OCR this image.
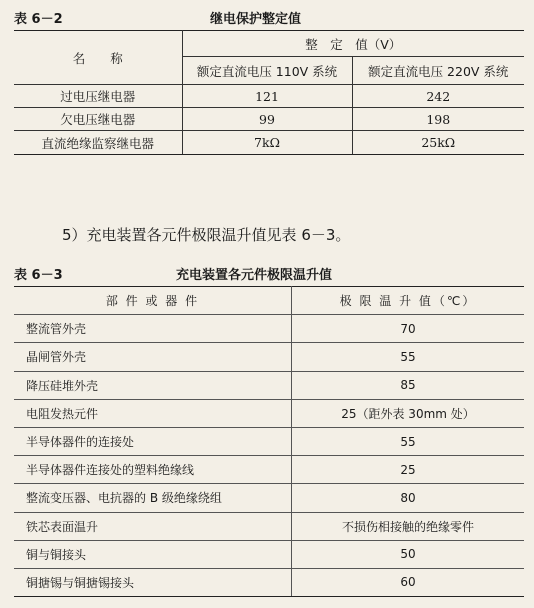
表 6－2	继电保护整定值
名　　称	整　定　值（V）	
	额定直流电压 110V 系统	额定直流电压 220V 系统
过电压继电器	121	242
欠电压继电器	99	198
直流绝缘监察继电器	7kΩ	25kΩ
5）充电装置各元件极限温升值见表 6－3。
表 6－3	充电装置各元件极限温升值
部 件 或 器 件	极 限 温 升 值（℃）
整流管外壳	70
晶闸管外壳	55
降压硅堆外壳	85
电阻发热元件	25（距外表 30mm 处）
半导体器件的连接处	55
半导体器件连接处的塑料绝缘线	25
整流变压器、电抗器的 B 级绝缘绕组	80
铁芯表面温升	不损伤相接触的绝缘零件
铜与铜接头	50
铜搪锡与铜搪锡接头	60
